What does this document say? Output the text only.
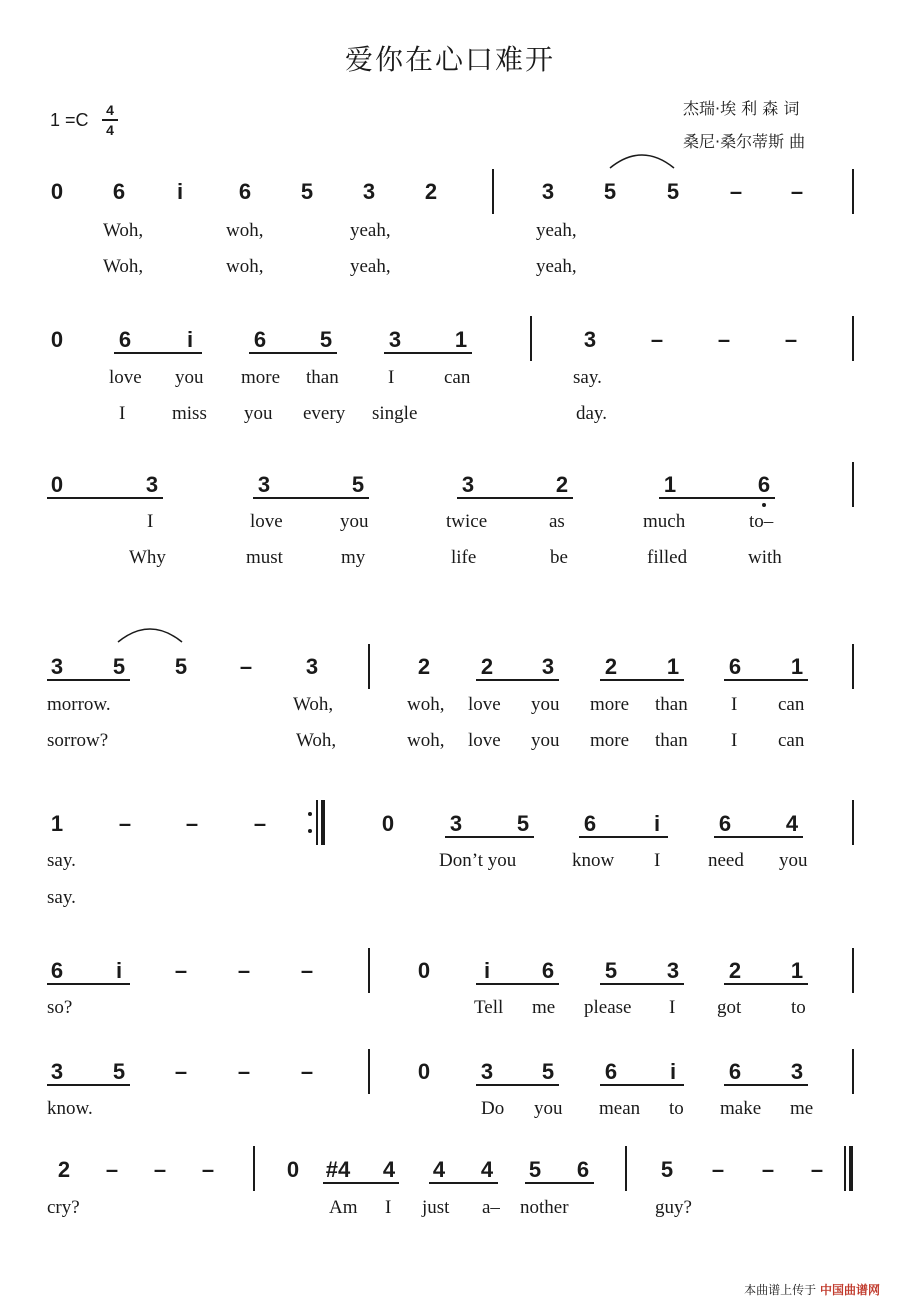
爱你在心口难开
杰瑞·埃 利 森 词
桑尼·桑尔蒂斯 曲
1 =C 4
4
0 6 i	6 5 3 2	3 5 5 – –
Woh,	woh,	yeah,	yeah,
Woh,	woh,	yeah,	yeah,
0	6	i	6 5	3 1	3 – – –
love you more than	I	can	say.
I miss you every single	day.
0	3	3	5	3	2	1	6
I	love	you	twice	as	much	to–
Why	must	my	life	be	filled	with
3 5 5 – 3	2 2 3 2 1 6 1
morrow.	Woh,	woh, love you more than I can
sorrow?	Woh,	woh, love you more than I can
1	– –	–	0	3 5 6	i	6 4
say.	Don’t you	know I	need you
say.
6 i – – –	0 i 6 5 3 2 1
so?	Tell me please I got	to
3 5 – – –	0 3 5 6 i 6 3
know.	Do you mean to make me
2 – – –	0 #4 4 4 4 5 6	5 – – –
cry?	Am I just a– nother	guy?
本曲谱上传于 中国曲谱网
